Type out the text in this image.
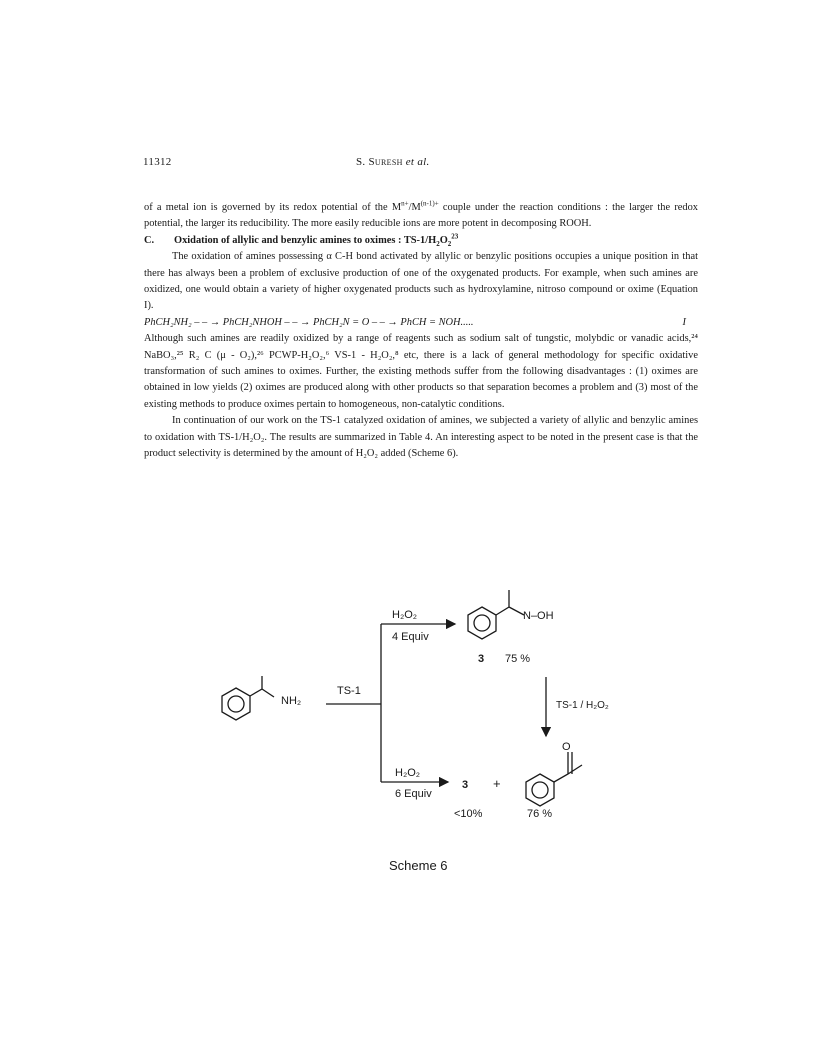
11312	S. Suresh et al.

of a metal ion is governed by its redox potential of the $M^{n+}/M^{(n-1)+}$ couple under the reaction conditions : the larger the redox potential, the larger its reducibility. The more easily reducible ions are more potent in decomposing ROOH.

C. Oxidation of allylic and benzylic amines to oximes : $TS-1/H_2O_2^{23}$

The oxidation of amines possessing α C-H bond activated by allylic or benzylic positions occupies a unique position in that there has always been a problem of exclusive production of one of the oxygenated products. For example, when such amines are oxidized, one would obtain a variety of higher oxygenated products such as hydroxylamine, nitroso compound or oxime (Equation I).

PhCH₂NH₂ – – → PhCH₂NHOH – – → PhCH₂N = O – – → PhCH = NOH.....	I

Although such amines are readily oxidized by a range of reagents such as sodium salt of tungstic, molybdic or vanadic acids,²⁴ NaBO₃,²⁵ R₂ C (μ - O₂),²⁶ PCWP-H₂O₂,⁶ VS-1 - H₂O₂,⁸ etc, there is a lack of general methodology for specific oxidative transformation of such amines to oximes. Further, the existing methods suffer from the following disadvantages : (1) oximes are obtained in low yields (2) oximes are produced along with other products so that separation becomes a problem and (3) most of the existing methods to produce oximes pertain to homogeneous, non-catalytic conditions.

In continuation of our work on the TS-1 catalyzed oxidation of amines, we subjected a variety of allylic and benzylic amines to oxidation with TS-1/H₂O₂. The results are summarized in Table 4. An interesting aspect to be noted in the present case is that the product selectivity is determined by the amount of H₂O₂ added (Scheme 6).

NH₂
TS-1
H₂O₂
4 Equiv
N–OH
3 75 %
TS-1 / H₂O₂
O
H₂O₂
6 Equiv
3 +
<10%	76 %
Scheme 6
